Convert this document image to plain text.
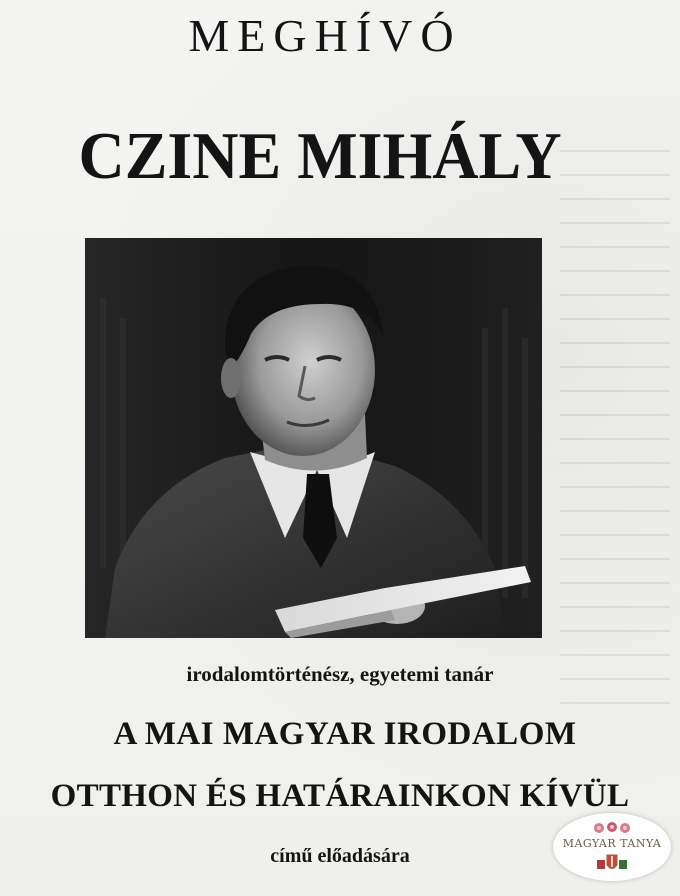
MEGHÍVÓ
CZINE MIHÁLY
irodalomtörténész, egyetemi tanár
A MAI MAGYAR IRODALOM
OTTHON ÉS HATÁRAINKON KÍVÜL
című előadására
MAGYAR TANYA
